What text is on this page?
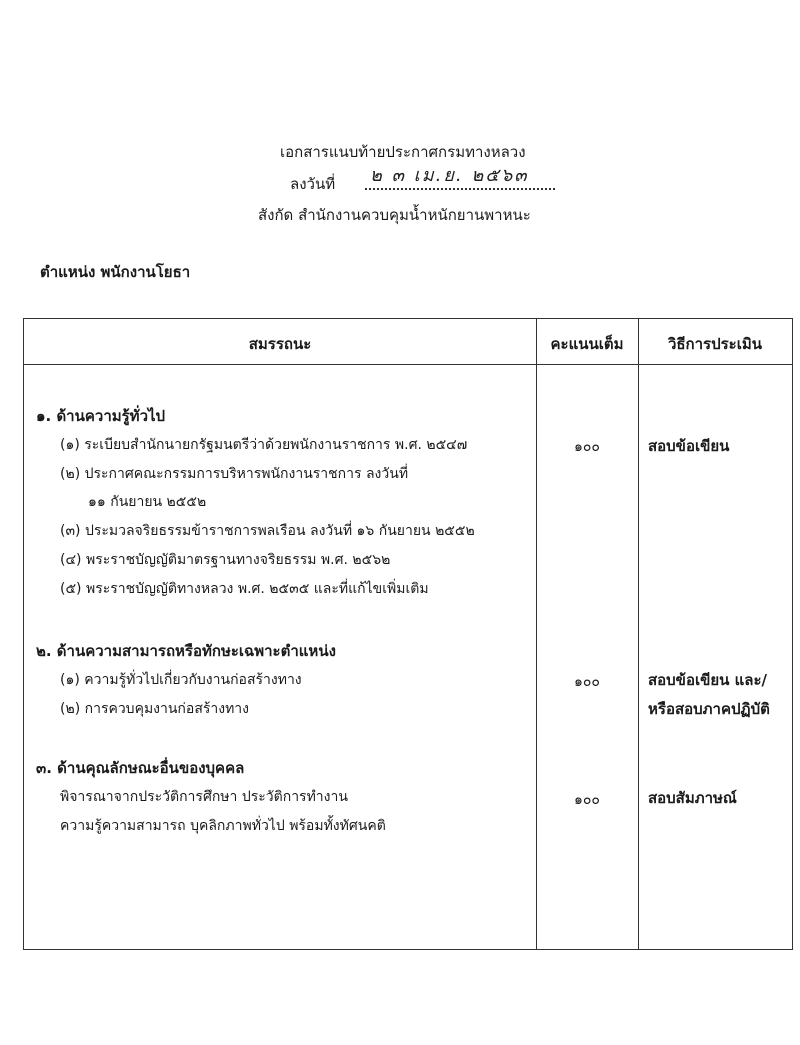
เอกสารแนบท้ายประกาศกรมทางหลวง
๒ ๓ เม.ย. ๒๕๖๓
ลงวันที่
สังกัด สำนักงานควบคุมน้ำหนักยานพาหนะ
ตำแหน่ง พนักงานโยธา
สมรรถนะ	คะแนนเต็ม	วิธีการประเมิน
๑. ด้านความรู้ทั่วไป
(๑) ระเบียบสำนักนายกรัฐมนตรีว่าด้วยพนักงานราชการ พ.ศ. ๒๕๔๗
(๒) ประกาศคณะกรรมการบริหารพนักงานราชการ ลงวันที่
๑๑ กันยายน ๒๕๕๒
(๓) ประมวลจริยธรรมข้าราชการพลเรือน ลงวันที่ ๑๖ กันยายน ๒๕๕๒
(๔) พระราชบัญญัติมาตรฐานทางจริยธรรม พ.ศ. ๒๕๖๒
(๕) พระราชบัญญัติทางหลวง พ.ศ. ๒๕๓๕ และที่แก้ไขเพิ่มเติม
๑๐๐	สอบข้อเขียน
๒. ด้านความสามารถหรือทักษะเฉพาะตำแหน่ง
(๑) ความรู้ทั่วไปเกี่ยวกับงานก่อสร้างทาง
(๒) การควบคุมงานก่อสร้างทาง
๑๐๐	สอบข้อเขียน และ/
หรือสอบภาคปฏิบัติ
๓. ด้านคุณลักษณะอื่นของบุคคล
พิจารณาจากประวัติการศึกษา ประวัติการทำงาน
ความรู้ความสามารถ บุคลิกภาพทั่วไป พร้อมทั้งทัศนคติ
๑๐๐	สอบสัมภาษณ์
